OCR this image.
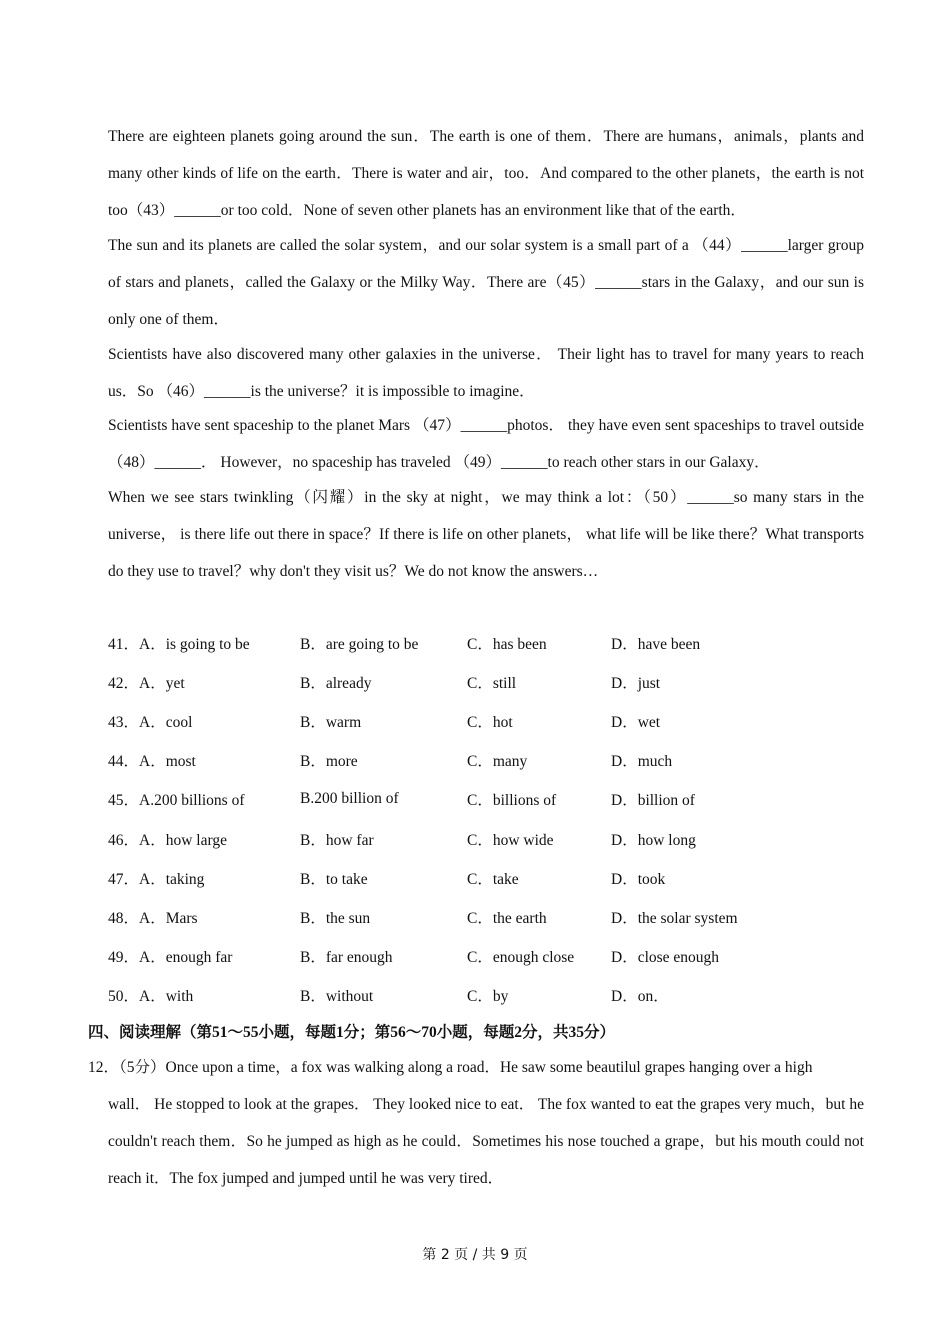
There are eighteen planets going around the sun．The earth is one of them．There are humans，animals，plants and many other kinds of life on the earth．There is water and air，too．And compared to the other planets，the earth is not too（43）______or too cold．None of seven other planets has an environment like that of the earth．

The sun and its planets are called the solar system，and our solar system is a small part of a （44）______larger group of stars and planets，called the Galaxy or the Milky Way．There are（45）______stars in the Galaxy，and our sun is only one of them．

Scientists have also discovered many other galaxies in the universe． Their light has to travel for many years to reach us．So （46）______is the universe？it is impossible to imagine．

Scientists have sent spaceship to the planet Mars （47）______photos． they have even sent spaceships to travel outside （48）______． However，no spaceship has traveled （49）______to reach other stars in our Galaxy．

When we see stars twinkling（闪耀）in the sky at night，we may think a lot：（50）______so many stars in the universe， is there life out there in space？If there is life on other planets， what life will be like there？What transports do they use to travel？why don't they visit us？We do not know the answers…

41．A．is going to be	B．are going to be	C．has been	D．have been
42．A．yet	B．already	C．still	D．just
43．A．cool	B．warm	C．hot	D．wet
44．A．most	B．more	C．many	D．much
45．A.200 billions of	B.200 billion of	C．billions of	D．billion of
46．A．how large	B．how far	C．how wide	D．how long
47．A．taking	B．to take	C．take	D．took
48．A．Mars	B．the sun	C．the earth	D．the solar system
49．A．enough far	B．far enough	C．enough close	D．close enough
50．A．with	B．without	C．by	D．on．

四、阅读理解（第51～55小题，每题1分；第56～70小题，每题2分，共35分）

12．（5分）Once upon a time，a fox was walking along a road．He saw some beautilul grapes hanging over a high
wall． He stopped to look at the grapes． They looked nice to eat． The fox wanted to eat the grapes very much，but he couldn't reach them．So he jumped as high as he could．Sometimes his nose touched a grape，but his mouth could not reach it．The fox jumped and jumped until he was very tired．
第 2 页 / 共 9 页
